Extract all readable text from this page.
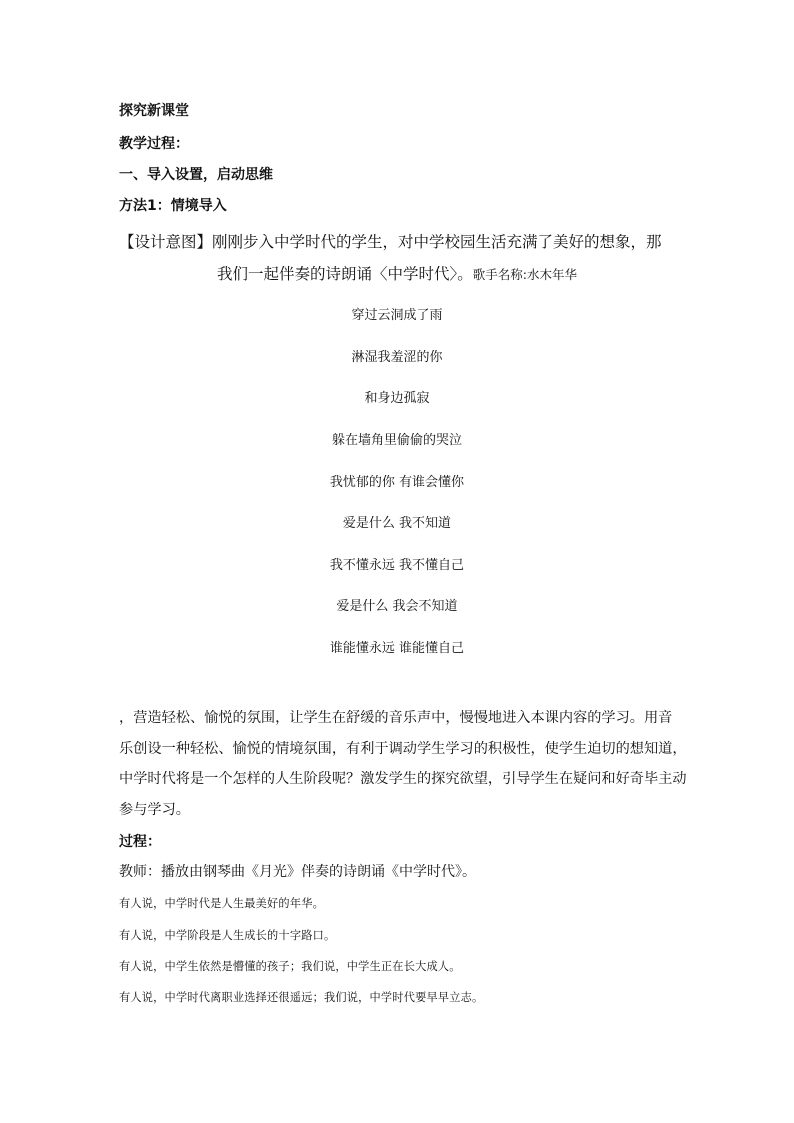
探究新课堂
教学过程：
一、导入设置，启动思维
方法1：情境导入
【设计意图】刚刚步入中学时代的学生，对中学校园生活充满了美好的想象，那
我们一起伴奏的诗朗诵〈中学时代〉。歌手名称:水木年华
穿过云洞成了雨
淋湿我羞涩的你
和身边孤寂
躲在墙角里偷偷的哭泣
我忧郁的你 有谁会懂你
爱是什么 我不知道
我不懂永远 我不懂自己
爱是什么 我会不知道
谁能懂永远 谁能懂自己
，营造轻松、愉悦的氛围，让学生在舒缓的音乐声中，慢慢地进入本课内容的学习。用音
乐创设一种轻松、愉悦的情境氛围，有利于调动学生学习的积极性，使学生迫切的想知道，
中学时代将是一个怎样的人生阶段呢？激发学生的探究欲望，引导学生在疑问和好奇毕主动
参与学习。
过程：
教师：播放由钢琴曲《月光》伴奏的诗朗诵《中学时代》。
有人说，中学时代是人生最美好的年华。
有人说，中学阶段是人生成长的十字路口。
有人说，中学生依然是懵懂的孩子；我们说，中学生正在长大成人。
有人说，中学时代离职业选择还很遥远；我们说，中学时代要早早立志。
